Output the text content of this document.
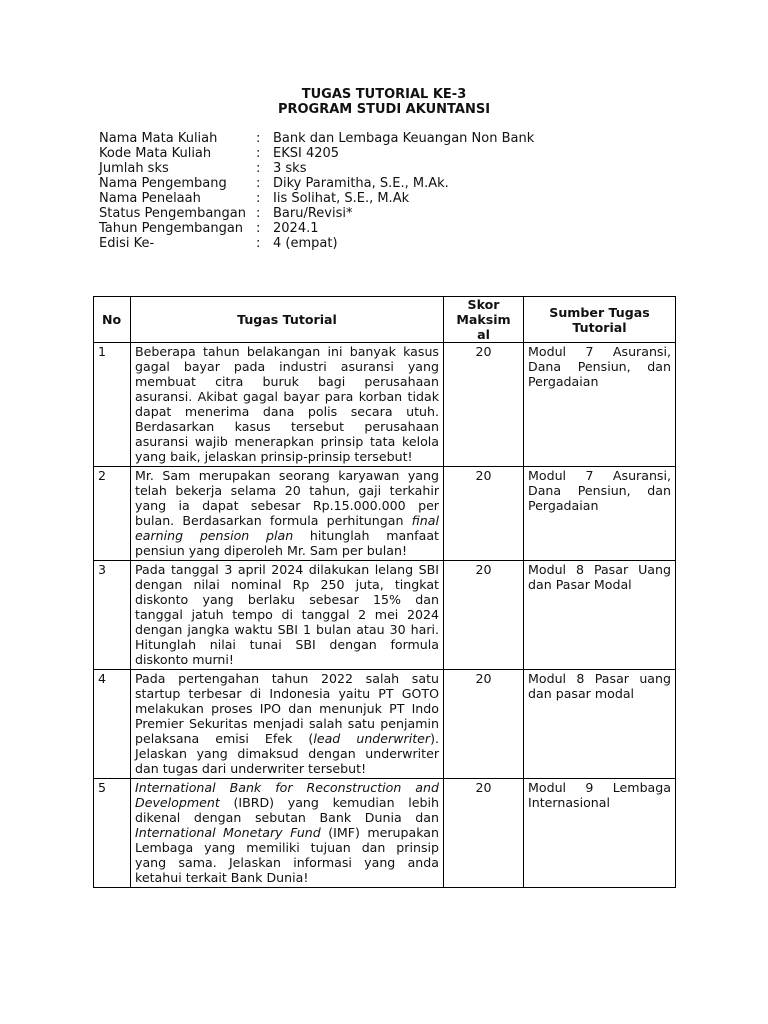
TUGAS TUTORIAL KE-3
PROGRAM STUDI AKUNTANSI
Nama Mata Kuliah	: Bank dan Lembaga Keuangan Non Bank
Kode Mata Kuliah	: EKSI 4205
Jumlah sks	: 3 sks
Nama Pengembang	: Diky Paramitha, S.E., M.Ak.
Nama Penelaah	: Iis Solihat, S.E., M.Ak
Status Pengembangan : Baru/Revisi*
Tahun Pengembangan : 2024.1
Edisi Ke-	: 4 (empat)
No	Tugas Tutorial	Skor Maksim al	Sumber Tugas Tutorial
1	Beberapa tahun belakangan ini banyak kasus gagal bayar pada industri asuransi yang membuat citra buruk bagi perusahaan asuransi. Akibat gagal bayar para korban tidak dapat menerima dana polis secara utuh. Berdasarkan kasus tersebut perusahaan asuransi wajib menerapkan prinsip tata kelola yang baik, jelaskan prinsip-prinsip tersebut!	20	Modul 7 Asuransi, Dana Pensiun, dan Pergadaian
2	Mr. Sam merupakan seorang karyawan yang telah bekerja selama 20 tahun, gaji terkahir yang ia dapat sebesar Rp.15.000.000 per bulan. Berdasarkan formula perhitungan final earning pension plan hitunglah manfaat pensiun yang diperoleh Mr. Sam per bulan!	20	Modul 7 Asuransi, Dana Pensiun, dan Pergadaian
3	Pada tanggal 3 april 2024 dilakukan lelang SBI dengan nilai nominal Rp 250 juta, tingkat diskonto yang berlaku sebesar 15% dan tanggal jatuh tempo di tanggal 2 mei 2024 dengan jangka waktu SBI 1 bulan atau 30 hari. Hitunglah nilai tunai SBI dengan formula diskonto murni!	20	Modul 8 Pasar Uang dan Pasar Modal
4	Pada pertengahan tahun 2022 salah satu startup terbesar di Indonesia yaitu PT GOTO melakukan proses IPO dan menunjuk PT Indo Premier Sekuritas menjadi salah satu penjamin pelaksana emisi Efek (lead underwriter). Jelaskan yang dimaksud dengan underwriter dan tugas dari underwriter tersebut!	20	Modul 8 Pasar uang dan pasar modal
5	International Bank for Reconstruction and Development (IBRD) yang kemudian lebih dikenal dengan sebutan Bank Dunia dan International Monetary Fund (IMF) merupakan Lembaga yang memiliki tujuan dan prinsip yang sama. Jelaskan informasi yang anda ketahui terkait Bank Dunia!	20	Modul 9 Lembaga Internasional
